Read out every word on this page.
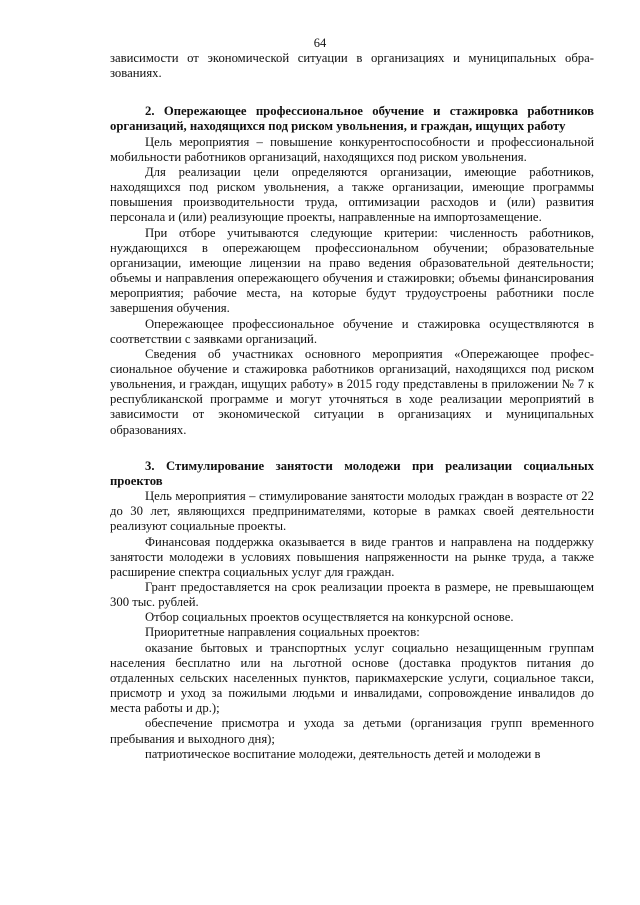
64

зависимости от экономической ситуации в организациях и муниципальных образованиях.

2. Опережающее профессиональное обучение и стажировка работников организаций, находящихся под риском увольнения, и граждан, ищущих работу

Цель мероприятия – повышение конкурентоспособности и профессиональной мобильности работников организаций, находящихся под риском увольнения.

Для реализации цели определяются организации, имеющие работников, находящихся под риском увольнения, а также организации, имеющие программы повышения производительности труда, оптимизации расходов и (или) развития персонала и (или) реализующие проекты, направленные на импортозамещение.

При отборе учитываются следующие критерии: численность работников, нуждающихся в опережающем профессиональном обучении; образовательные организации, имеющие лицензии на право ведения образовательной деятельности; объемы и направления опережающего обучения и стажировки; объемы финансирования мероприятия; рабочие места, на которые будут трудоустроены работники после завершения обучения.

Опережающее профессиональное обучение и стажировка осуществляются в соответствии с заявками организаций.

Сведения об участниках основного мероприятия «Опережающее профессиональное обучение и стажировка работников организаций, находящихся под риском увольнения, и граждан, ищущих работу» в 2015 году представлены в приложении № 7 к республиканской программе и могут уточняться в ходе реализации мероприятий в зависимости от экономической ситуации в организациях и муниципальных образованиях.

3. Стимулирование занятости молодежи при реализации социальных проектов

Цель мероприятия – стимулирование занятости молодых граждан в возрасте от 22 до 30 лет, являющихся предпринимателями, которые в рамках своей деятельности реализуют социальные проекты.

Финансовая поддержка оказывается в виде грантов и направлена на поддержку занятости молодежи в условиях повышения напряженности на рынке труда, а также расширение спектра социальных услуг для граждан.

Грант предоставляется на срок реализации проекта в размере, не превышающем 300 тыс. рублей.

Отбор социальных проектов осуществляется на конкурсной основе.

Приоритетные направления социальных проектов:

оказание бытовых и транспортных услуг социально незащищенным группам населения бесплатно или на льготной основе (доставка продуктов питания до отдаленных сельских населенных пунктов, парикмахерские услуги, социальное такси, присмотр и уход за пожилыми людьми и инвалидами, сопровождение инвалидов до места работы и др.);

обеспечение присмотра и ухода за детьми (организация групп временного пребывания и выходного дня);

патриотическое воспитание молодежи, деятельность детей и молодежи в
